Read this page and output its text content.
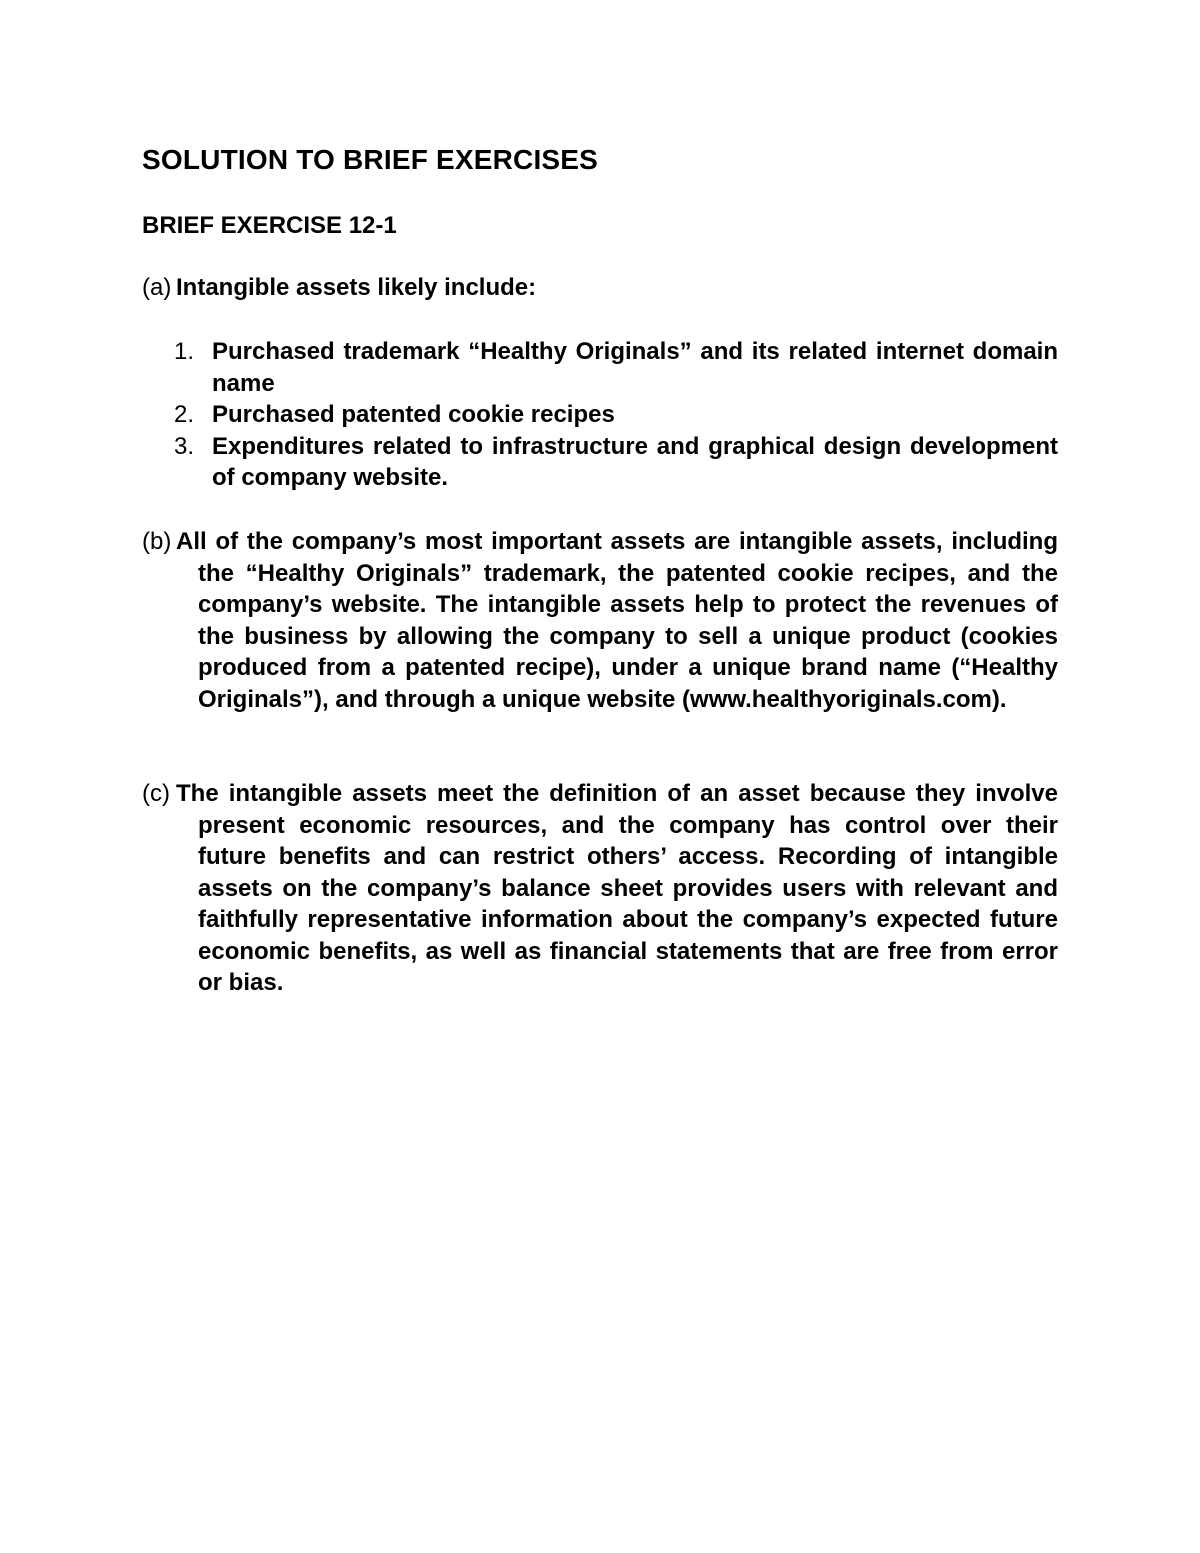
SOLUTION TO BRIEF EXERCISES
BRIEF EXERCISE 12-1
(a) Intangible assets likely include:
1. Purchased trademark “Healthy Originals” and its related internet domain name
2. Purchased patented cookie recipes
3. Expenditures related to infrastructure and graphical design development of company website.
(b) All of the company’s most important assets are intangible assets, including the “Healthy Originals” trademark, the patented cookie recipes, and the company’s website. The intangible assets help to protect the revenues of the business by allowing the company to sell a unique product (cookies produced from a patented recipe), under a unique brand name (“Healthy Originals”), and through a unique website (www.healthyoriginals.com).
(c) The intangible assets meet the definition of an asset because they involve present economic resources, and the company has control over their future benefits and can restrict others’ access. Recording of intangible assets on the company’s balance sheet provides users with relevant and faithfully representative information about the company’s expected future economic benefits, as well as financial statements that are free from error or bias.
